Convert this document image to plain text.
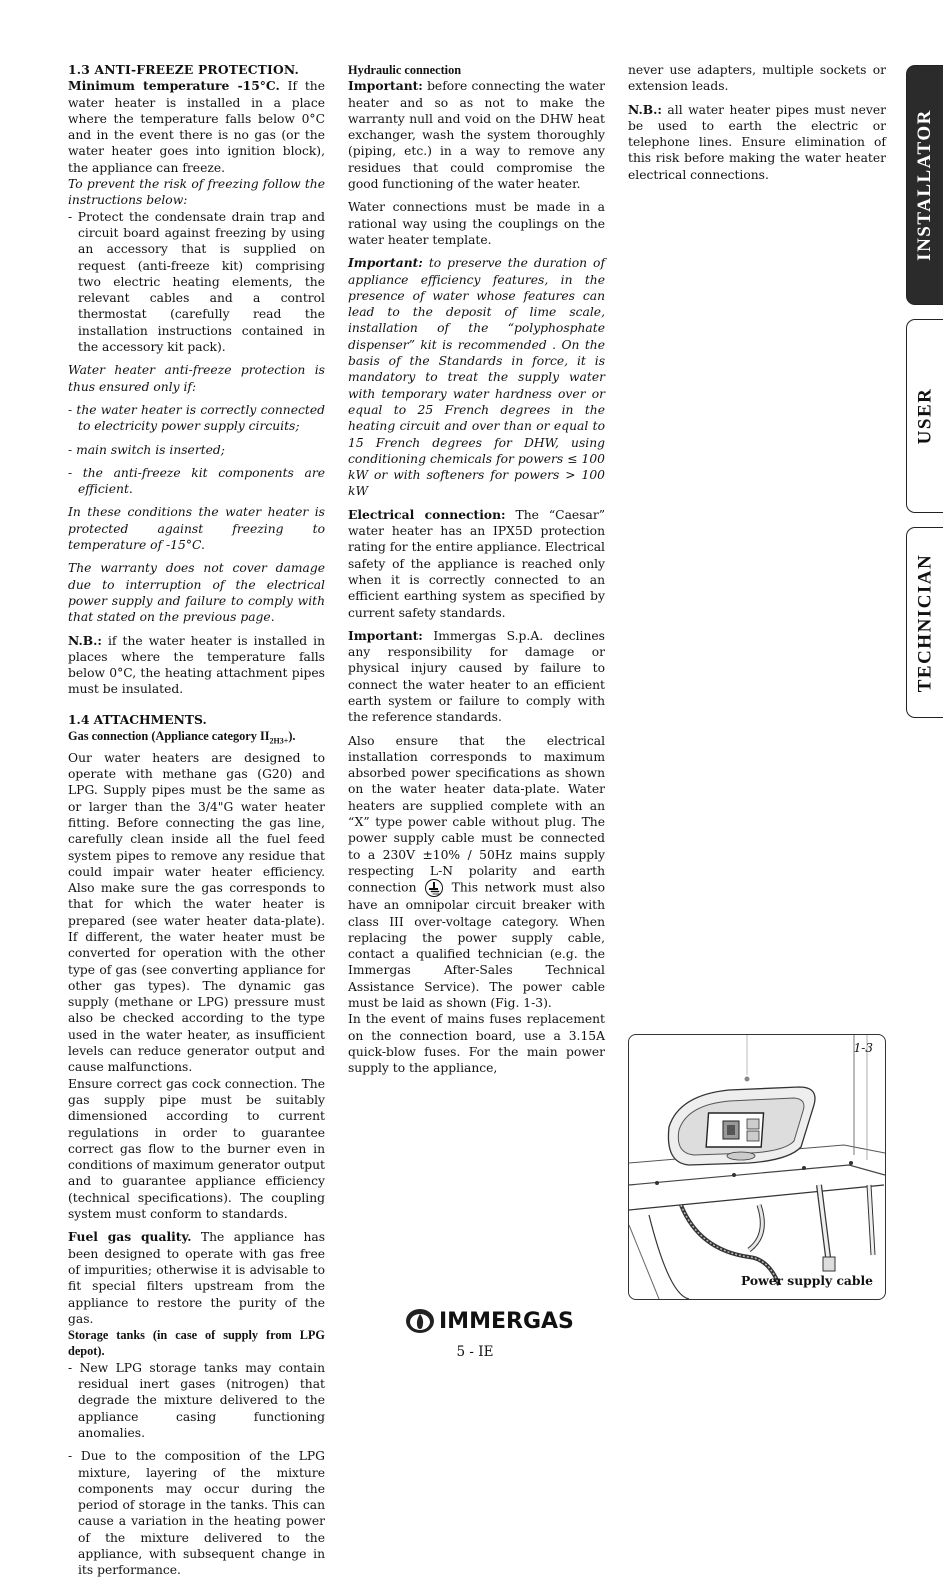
1.3 ANTI-FREEZE PROTECTION.

Minimum temperature -15°C. If the water heater is installed in a place where the temperature falls below 0°C and in the event there is no gas (or the water heater goes into ignition block), the appliance can freeze.

To prevent the risk of freezing follow the instructions below:

- Protect the condensate drain trap and circuit board against freezing by using an accessory that is supplied on request (anti-freeze kit) comprising two electric heating elements, the relevant cables and a control thermostat (carefully read the installation instructions contained in the accessory kit pack).

Water heater anti-freeze protection is thus ensured only if:

- the water heater is correctly connected to electricity power supply circuits;

- main switch is inserted;

- the anti-freeze kit components are efficient.

In these conditions the water heater is protected against freezing to temperature of -15°C.

The warranty does not cover damage due to interruption of the electrical power supply and failure to comply with that stated on the previous page.

N.B.: if the water heater is installed in places where the temperature falls below 0°C, the heating attachment pipes must be insulated.

1.4 ATTACHMENTS.

Gas connection (Appliance category $II_{2H3+}$).

Our water heaters are designed to operate with methane gas (G20) and LPG. Supply pipes must be the same as or larger than the 3/4"G water heater fitting. Before connecting the gas line, carefully clean inside all the fuel feed system pipes to remove any residue that could impair water heater efficiency. Also make sure the gas corresponds to that for which the water heater is prepared (see water heater data-plate). If different, the water heater must be converted for operation with the other type of gas (see converting appliance for other gas types). The dynamic gas supply (methane or LPG) pressure must also be checked according to the type used in the water heater, as insufficient levels can reduce generator output and cause malfunctions.

Ensure correct gas cock connection. The gas supply pipe must be suitably dimensioned according to current regulations in order to guarantee correct gas flow to the burner even in conditions of maximum generator output and to guarantee appliance efficiency (technical specifications). The coupling system must conform to standards.

Fuel gas quality. The appliance has been designed to operate with gas free of impurities; otherwise it is advisable to fit special filters upstream from the appliance to restore the purity of the gas.

Storage tanks (in case of supply from LPG depot).

- New LPG storage tanks may contain residual inert gases (nitrogen) that degrade the mixture delivered to the appliance casing functioning anomalies.

- Due to the composition of the LPG mixture, layering of the mixture components may occur during the period of storage in the tanks. This can cause a variation in the heating power of the mixture delivered to the appliance, with subsequent change in its performance.

Hydraulic connection

Important: before connecting the water heater and so as not to make the warranty null and void on the DHW heat exchanger, wash the system thoroughly (piping, etc.) in a way to remove any residues that could compromise the good functioning of the water heater.

Water connections must be made in a rational way using the couplings on the water heater template.

Important: to preserve the duration of appliance efficiency features, in the presence of water whose features can lead to the deposit of lime scale, installation of the “polyphosphate dispenser” kit is recommended . On the basis of the Standards in force, it is mandatory to treat the supply water with temporary water hardness over or equal to 25 French degrees in the heating circuit and over than or equal to 15 French degrees for DHW, using conditioning chemicals for powers ≤ 100 kW or with softeners for powers > 100 kW

Electrical connection: The “Caesar” water heater has an IPX5D protection rating for the entire appliance. Electrical safety of the appliance is reached only when it is correctly connected to an efficient earthing system as specified by current safety standards.

Important: Immergas S.p.A. declines any responsibility for damage or physical injury caused by failure to connect the water heater to an efficient earth system or failure to comply with the reference standards.

Also ensure that the electrical installation corresponds to maximum absorbed power specifications as shown on the water heater data-plate. Water heaters are supplied complete with an “X” type power cable without plug. The power supply cable must be connected to a 230V ±10% / 50Hz mains supply respecting L-N polarity and earth connection  This network must also have an omnipolar circuit breaker with class III over-voltage category. When replacing the power supply cable, contact a qualified technician (e.g. the Immergas After-Sales Technical Assistance Service). The power cable must be laid as shown (Fig. 1-3).

In the event of mains fuses replacement on the connection board, use a 3.15A quick-blow fuses. For the main power supply to the appliance,

never use adapters, multiple sockets or extension leads.

N.B.: all water heater pipes must never be used to earth the electric or telephone lines. Ensure elimination of this risk before making the water heater electrical connections.	INSTALLATOR
USER
TECHNICIAN
1-3
Power supply cable
IMMERGAS
5 - IE
